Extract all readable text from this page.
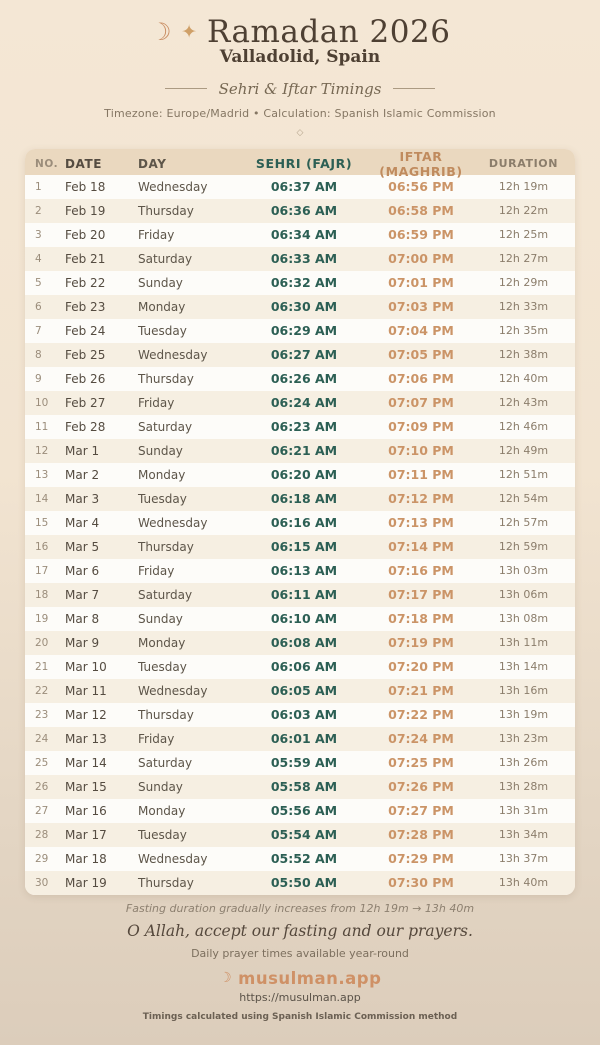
☾ ✦ Ramadan 2026
Valladolid, Spain
Sehri & Iftar Timings
Timezone: Europe/Madrid • Calculation: Spanish Islamic Commission
◇
NO. DATE	DAY	SEHRI (FAJR)	IFTAR (MAGHRIB)	DURATION
1	Feb 18	Wednesday	06:37 AM	06:56 PM	12h 19m
2	Feb 19	Thursday	06:36 AM	06:58 PM	12h 22m
3	Feb 20	Friday	06:34 AM	06:59 PM	12h 25m
4	Feb 21	Saturday	06:33 AM	07:00 PM	12h 27m
5	Feb 22	Sunday	06:32 AM	07:01 PM	12h 29m
6	Feb 23	Monday	06:30 AM	07:03 PM	12h 33m
7	Feb 24	Tuesday	06:29 AM	07:04 PM	12h 35m
8	Feb 25	Wednesday	06:27 AM	07:05 PM	12h 38m
9	Feb 26	Thursday	06:26 AM	07:06 PM	12h 40m
10	Feb 27	Friday	06:24 AM	07:07 PM	12h 43m
11	Feb 28	Saturday	06:23 AM	07:09 PM	12h 46m
12	Mar 1	Sunday	06:21 AM	07:10 PM	12h 49m
13	Mar 2	Monday	06:20 AM	07:11 PM	12h 51m
14	Mar 3	Tuesday	06:18 AM	07:12 PM	12h 54m
15	Mar 4	Wednesday	06:16 AM	07:13 PM	12h 57m
16	Mar 5	Thursday	06:15 AM	07:14 PM	12h 59m
17	Mar 6	Friday	06:13 AM	07:16 PM	13h 03m
18	Mar 7	Saturday	06:11 AM	07:17 PM	13h 06m
19	Mar 8	Sunday	06:10 AM	07:18 PM	13h 08m
20	Mar 9	Monday	06:08 AM	07:19 PM	13h 11m
21	Mar 10	Tuesday	06:06 AM	07:20 PM	13h 14m
22	Mar 11	Wednesday	06:05 AM	07:21 PM	13h 16m
23	Mar 12	Thursday	06:03 AM	07:22 PM	13h 19m
24	Mar 13	Friday	06:01 AM	07:24 PM	13h 23m
25	Mar 14	Saturday	05:59 AM	07:25 PM	13h 26m
26	Mar 15	Sunday	05:58 AM	07:26 PM	13h 28m
27	Mar 16	Monday	05:56 AM	07:27 PM	13h 31m
28	Mar 17	Tuesday	05:54 AM	07:28 PM	13h 34m
29	Mar 18	Wednesday	05:52 AM	07:29 PM	13h 37m
30	Mar 19	Thursday	05:50 AM	07:30 PM	13h 40m
Fasting duration gradually increases from 12h 19m → 13h 40m
O Allah, accept our fasting and our prayers.
Daily prayer times available year-round
☾ musulman.app
https://musulman.app
Timings calculated using Spanish Islamic Commission method
